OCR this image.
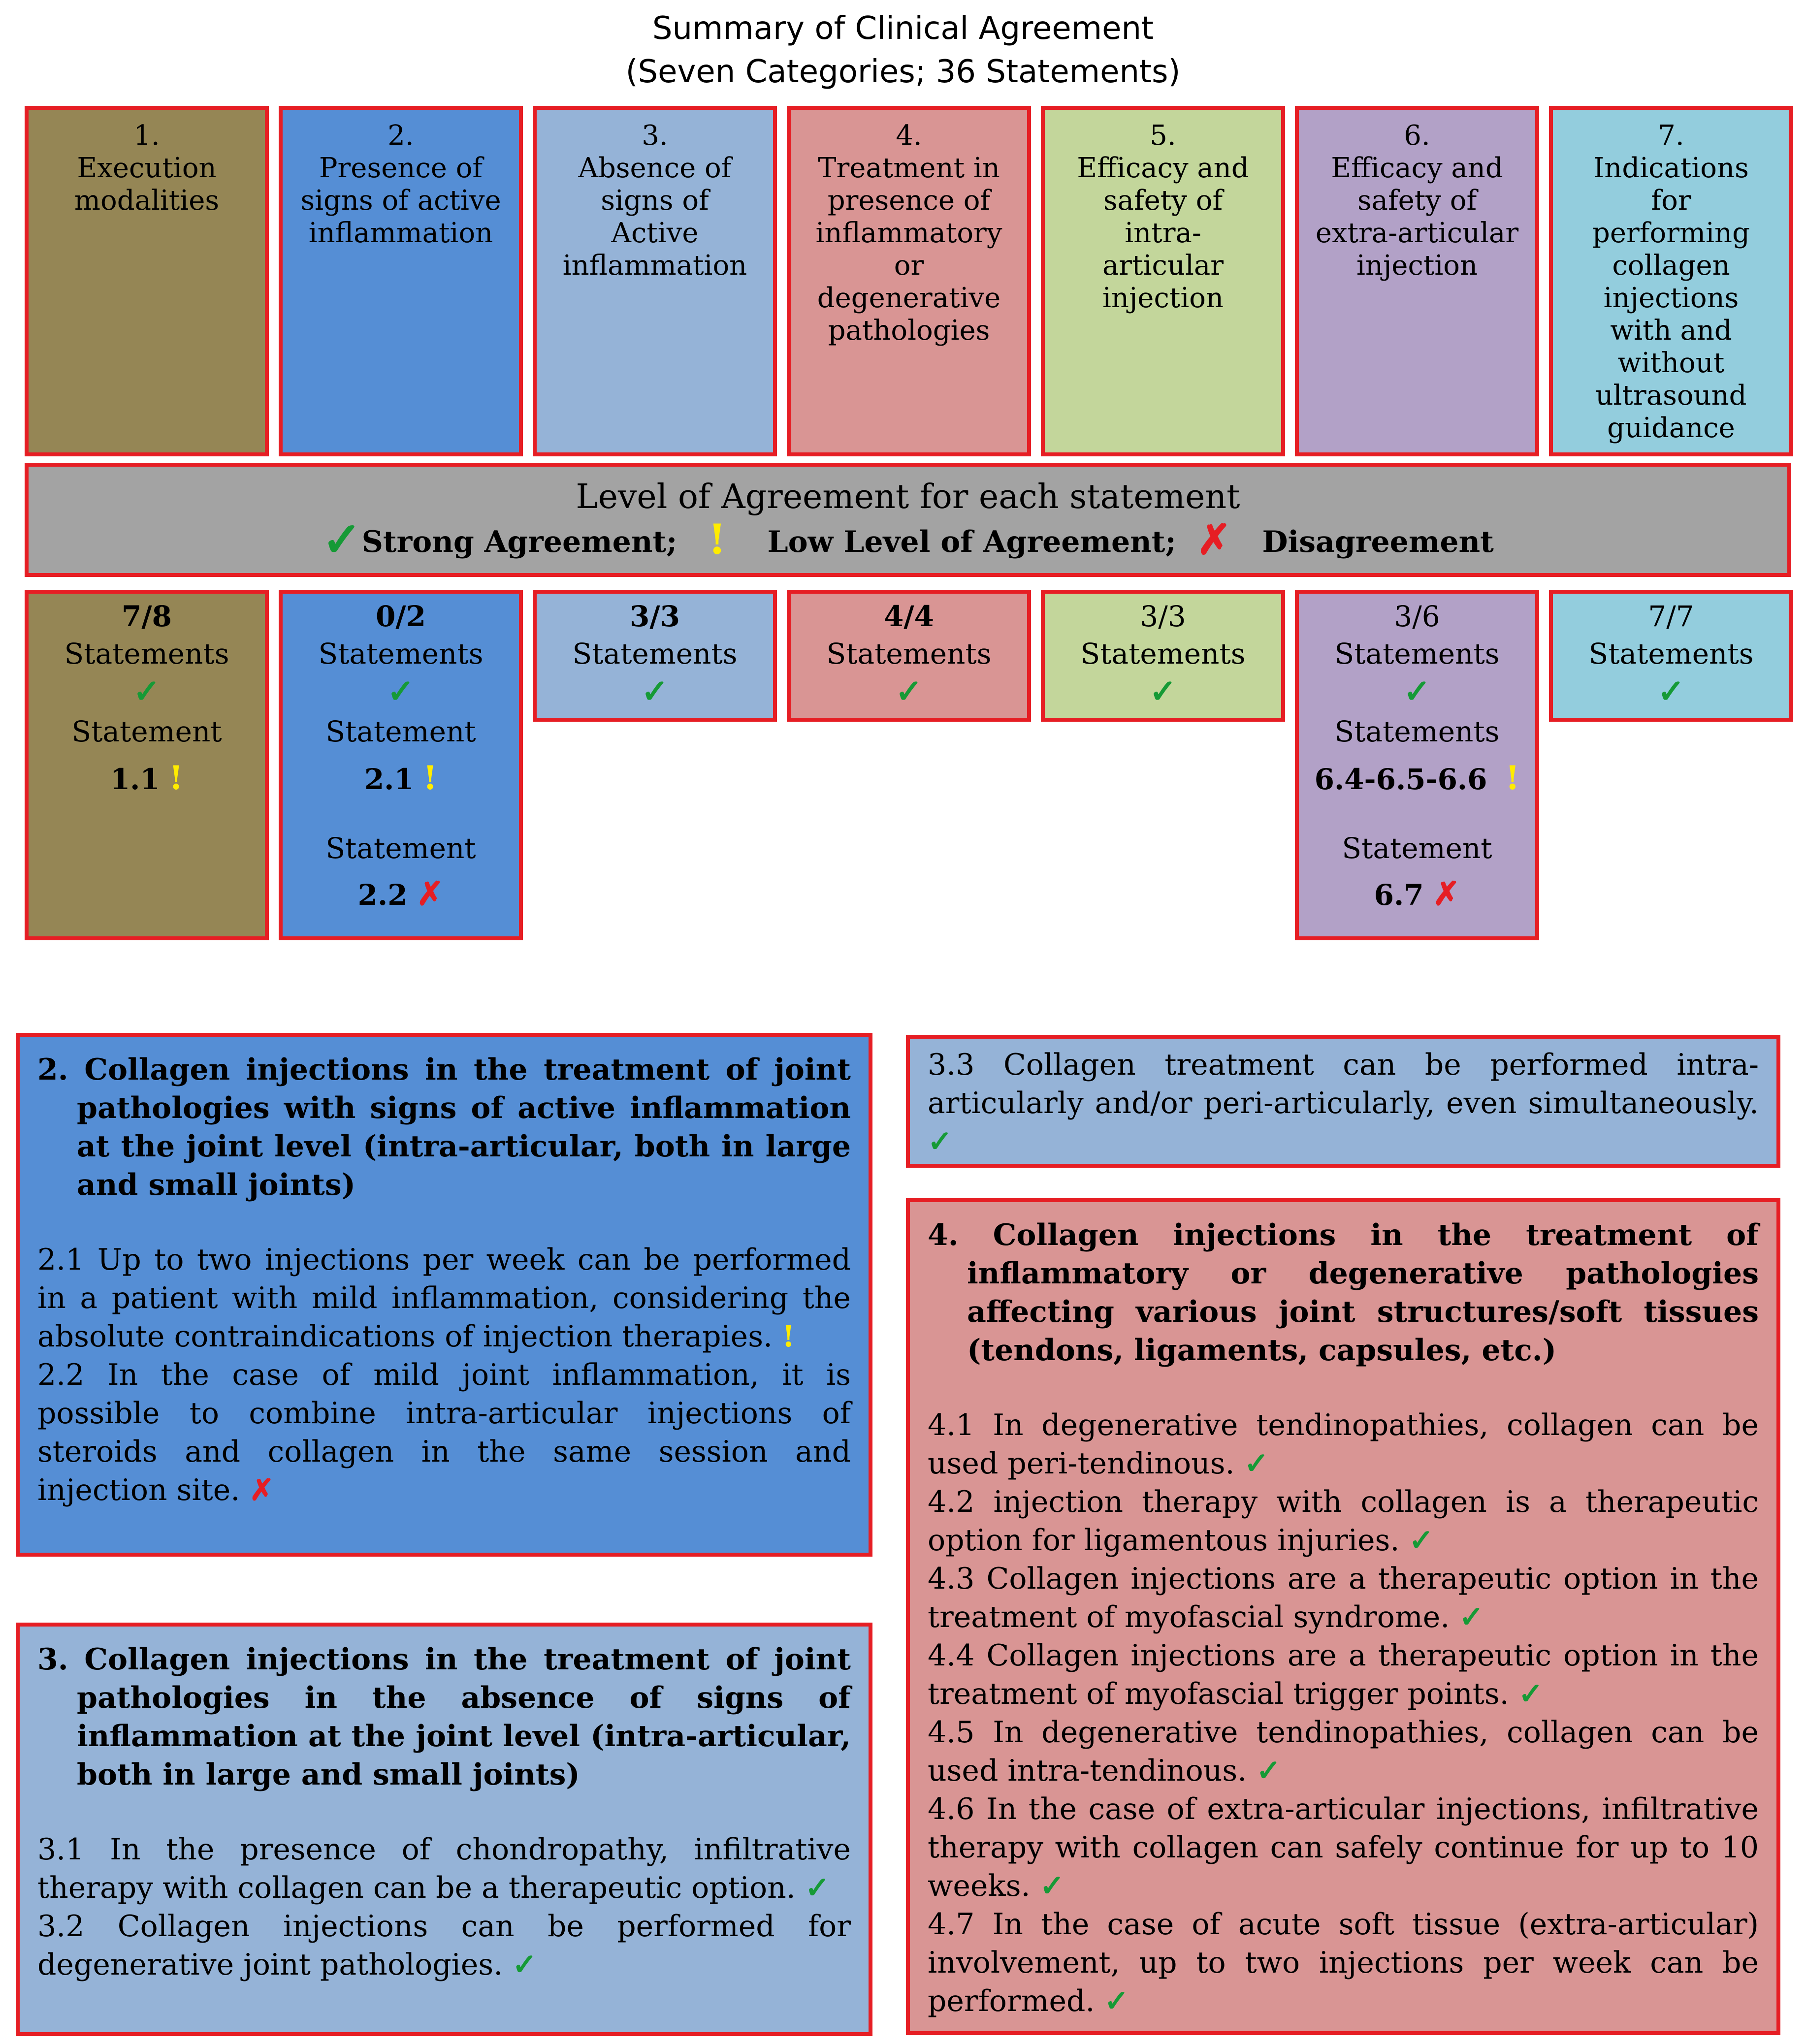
Summary of Clinical Agreement
(Seven Categories; 36 Statements)
1.
Execution modalities
2.
Presence of signs of active inflammation
3.
Absence of signs of Active inflammation
4.
Treatment in presence of inflammatory or degenerative pathologies
5.
Efficacy and safety of intra-articular injection
6.
Efficacy and safety of extra-articular injection
7.
Indications for performing collagen injections with and without ultrasound guidance
Level of Agreement for each statement
✓Strong Agreement; ! Low Level of Agreement; ✗ Disagreement
7/8
Statements
✓
Statement
1.1 !
0/2
Statements
✓
Statement
2.1 !
Statement
2.2 ✗
3/3
Statements
✓
4/4
Statements
✓
3/3
Statements
✓
3/6
Statements
✓
Statements
6.4-6.5-6.6 !
Statement
6.7 ✗
7/7
Statements
✓
2. Collagen injections in the treatment of joint pathologies with signs of active inflammation at the joint level (intra-articular, both in large and small joints)

2.1 Up to two injections per week can be performed in a patient with mild inflammation, considering the absolute contraindications of injection therapies. !

2.2 In the case of mild joint inflammation, it is possible to combine intra-articular injections of steroids and collagen in the same session and injection site. ✗

3. Collagen injections in the treatment of joint pathologies in the absence of signs of inflammation at the joint level (intra-articular, both in large and small joints)

3.1 In the presence of chondropathy, infiltrative therapy with collagen can be a therapeutic option. ✓

3.2 Collagen injections can be performed for degenerative joint pathologies. ✓

3.3 Collagen treatment can be performed intra-articularly and/or peri-articularly, even simultaneously. ✓

4. Collagen injections in the treatment of inflammatory or degenerative pathologies affecting various joint structures/soft tissues (tendons, ligaments, capsules, etc.)

4.1 In degenerative tendinopathies, collagen can be used peri-tendinous. ✓

4.2 injection therapy with collagen is a therapeutic option for ligamentous injuries. ✓

4.3 Collagen injections are a therapeutic option in the treatment of myofascial syndrome. ✓

4.4 Collagen injections are a therapeutic option in the treatment of myofascial trigger points. ✓

4.5 In degenerative tendinopathies, collagen can be used intra-tendinous. ✓

4.6 In the case of extra-articular injections, infiltrative therapy with collagen can safely continue for up to 10 weeks. ✓

4.7 In the case of acute soft tissue (extra-articular) involvement, up to two injections per week can be performed. ✓
